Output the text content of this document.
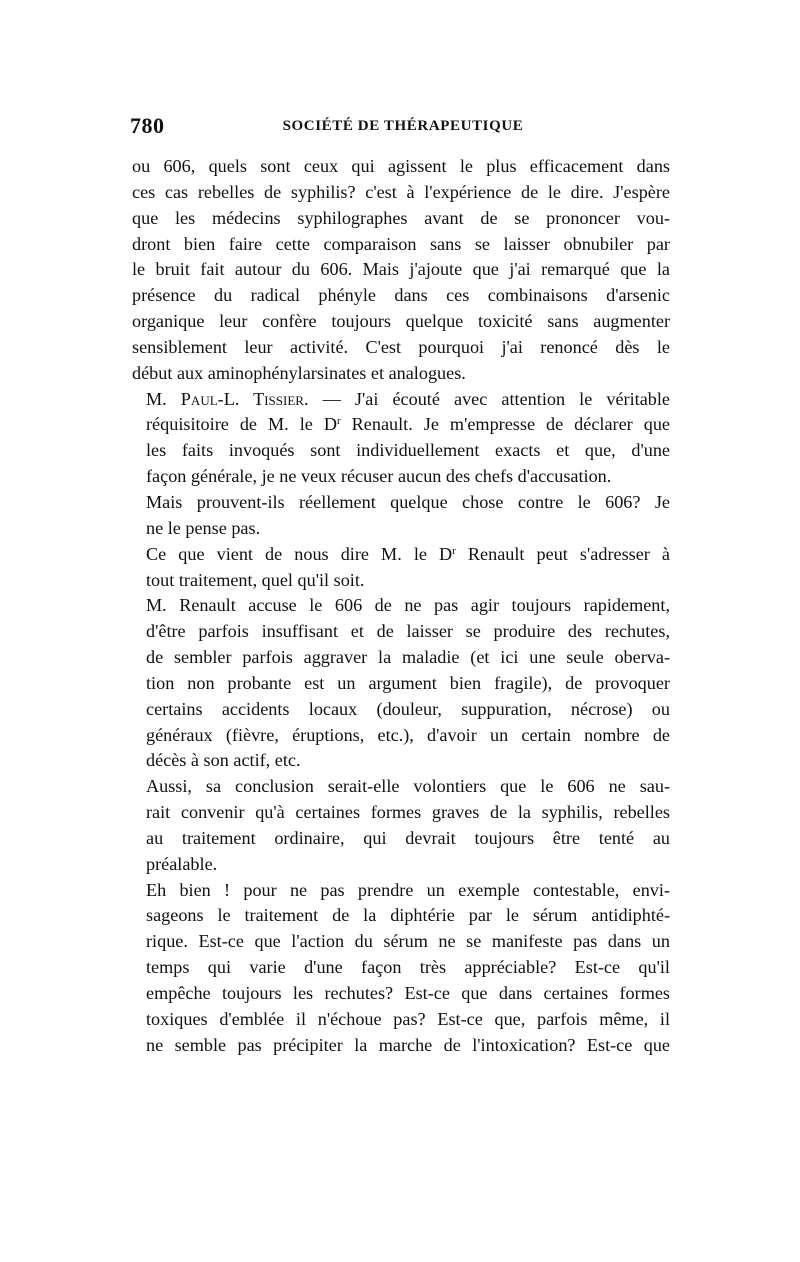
780	SOCIÉTÉ DE THÉRAPEUTIQUE

ou 606, quels sont ceux qui agissent le plus efficacement dans
ces cas rebelles de syphilis? c'est à l'expérience de le dire. J'espère
que les médecins syphilographes avant de se prononcer vou-
dront bien faire cette comparaison sans se laisser obnubiler par
le bruit fait autour du 606. Mais j'ajoute que j'ai remarqué que la
présence du radical phényle dans ces combinaisons d'arsenic
organique leur confère toujours quelque toxicité sans augmenter
sensiblement leur activité. C'est pourquoi j'ai renoncé dès le
début aux aminophénylarsinates et analogues.

M. Paul-L. Tissier. — J'ai écouté avec attention le véritable
réquisitoire de M. le $D^r$ Renault. Je m'empresse de déclarer que
les faits invoqués sont individuellement exacts et que, d'une
façon générale, je ne veux récuser aucun des chefs d'accusation.

Mais prouvent-ils réellement quelque chose contre le 606? Je
ne le pense pas.

Ce que vient de nous dire M. le $D^r$ Renault peut s'adresser à
tout traitement, quel qu'il soit.

M. Renault accuse le 606 de ne pas agir toujours rapidement,
d'être parfois insuffisant et de laisser se produire des rechutes,
de sembler parfois aggraver la maladie (et ici une seule oberva-
tion non probante est un argument bien fragile), de provoquer
certains accidents locaux (douleur, suppuration, nécrose) ou
généraux (fièvre, éruptions, etc.), d'avoir un certain nombre de
décès à son actif, etc.

Aussi, sa conclusion serait-elle volontiers que le 606 ne sau-
rait convenir qu'à certaines formes graves de la syphilis, rebelles
au traitement ordinaire, qui devrait toujours être tenté au
préalable.

Eh bien ! pour ne pas prendre un exemple contestable, envi-
sageons le traitement de la diphtérie par le sérum antidiphté-
rique. Est-ce que l'action du sérum ne se manifeste pas dans un
temps qui varie d'une façon très appréciable? Est-ce qu'il
empêche toujours les rechutes? Est-ce que dans certaines formes
toxiques d'emblée il n'échoue pas? Est-ce que, parfois même, il
ne semble pas précipiter la marche de l'intoxication? Est-ce que
